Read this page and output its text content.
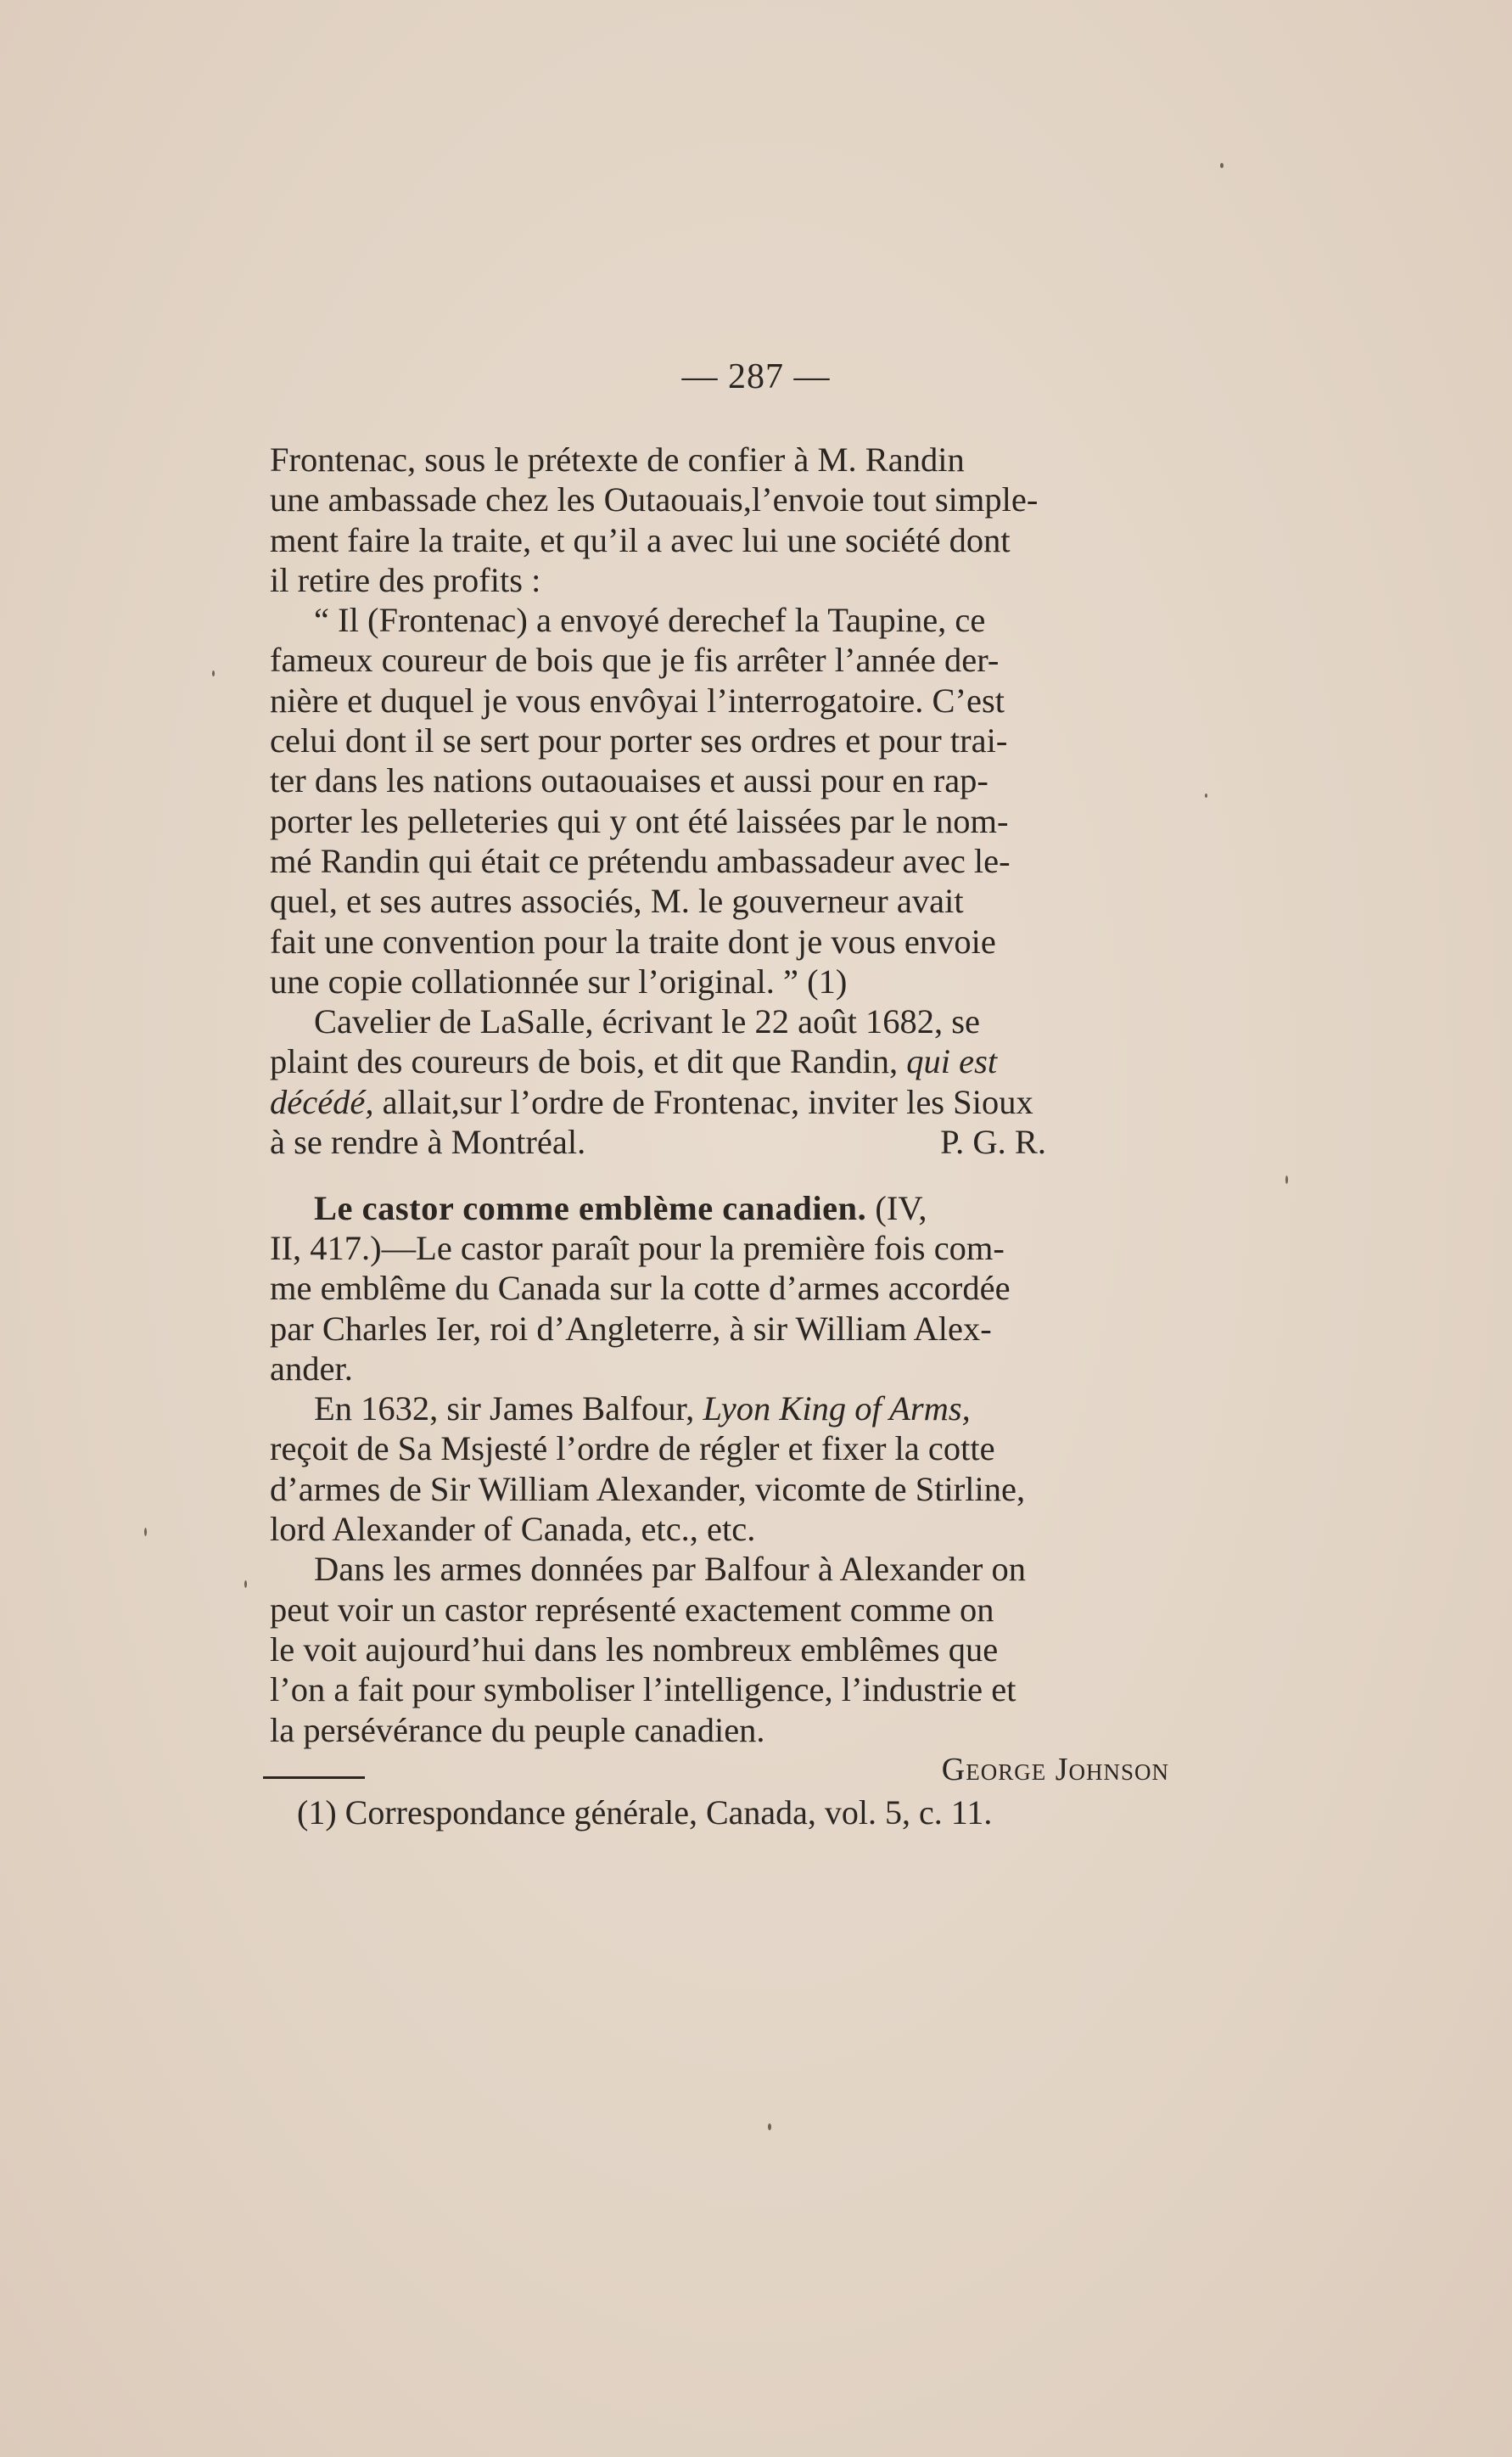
— 287 —

Frontenac, sous le prétexte de confier à M. Randin
une ambassade chez les Outaouais,l’envoie tout simple-
ment faire la traite, et qu’il a avec lui une société dont
il retire des profits :

“ Il (Frontenac) a envoyé derechef la Taupine, ce
fameux coureur de bois que je fis arrêter l’année der-
nière et duquel je vous envôyai l’interrogatoire. C’est
celui dont il se sert pour porter ses ordres et pour trai-
ter dans les nations outaouaises et aussi pour en rap-
porter les pelleteries qui y ont été laissées par le nom-
mé Randin qui était ce prétendu ambassadeur avec le-
quel, et ses autres associés, M. le gouverneur avait
fait une convention pour la traite dont je vous envoie
une copie collationnée sur l’original. ” (1)

Cavelier de LaSalle, écrivant le 22 août 1682, se
plaint des coureurs de bois, et dit que Randin, qui est
décédé, allait,sur l’ordre de Frontenac, inviter les Sioux
à se rendre à Montréal.	P. G. R.

Le castor comme emblème canadien. (IV,
II, 417.)—Le castor paraît pour la première fois com-
me emblême du Canada sur la cotte d’armes accordée
par Charles Ier, roi d’Angleterre, à sir William Alex-
ander.

En 1632, sir James Balfour, Lyon King of Arms,
reçoit de Sa Msjesté l’ordre de régler et fixer la cotte
d’armes de Sir William Alexander, vicomte de Stirline,
lord Alexander of Canada, etc., etc.

Dans les armes données par Balfour à Alexander on
peut voir un castor représenté exactement comme on
le voit aujourd’hui dans les nombreux emblêmes que
l’on a fait pour symboliser l’intelligence, l’industrie et
la persévérance du peuple canadien.

George Johnson
(1) Correspondance générale, Canada, vol. 5, c. 11.
